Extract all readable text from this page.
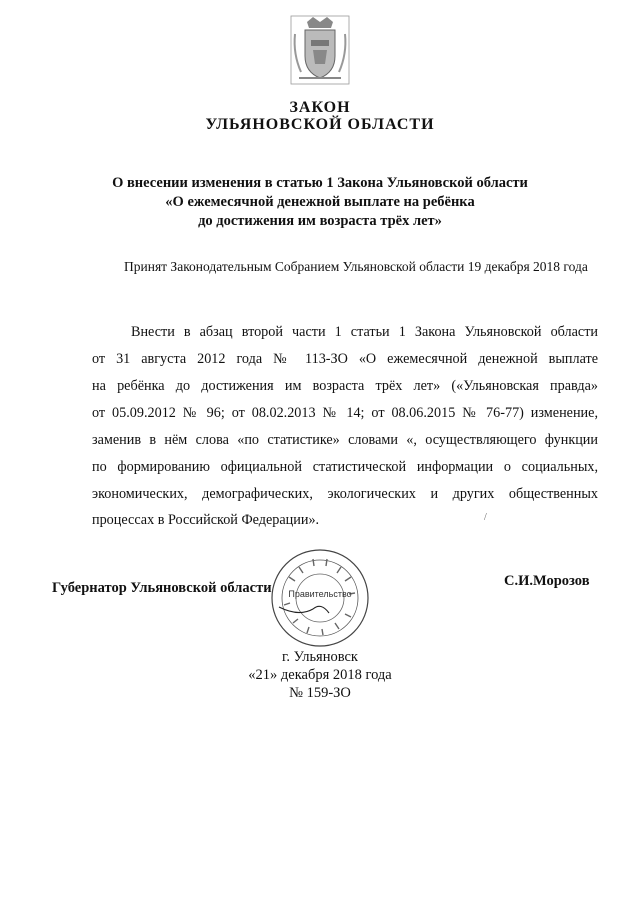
ЗАКОН
УЛЬЯНОВСКОЙ ОБЛАСТИ
О внесении изменения в статью 1 Закона Ульяновской области
«О ежемесячной денежной выплате на ребёнка
до достижения им возраста трёх лет»
Принят Законодательным Собранием Ульяновской области 19 декабря 2018 года
Внести в абзац второй части 1 статьи 1 Закона Ульяновской области
от 31 августа 2012 года № 113-ЗО «О ежемесячной денежной выплате
на ребёнка до достижения им возраста трёх лет» («Ульяновская правда»
от 05.09.2012 № 96; от 08.02.2013 № 14; от 08.06.2015 № 76-77) изменение,
заменив в нём слова «по статистике» словами «, осуществляющего функции
по формированию официальной статистической информации о социальных,
экономических, демографических, экологических и других общественных
процессах в Российской Федерации».
Губернатор Ульяновской области	С.И.Морозов
Правительство
г. Ульяновск
«21» декабря 2018 года
№ 159-ЗО
/
